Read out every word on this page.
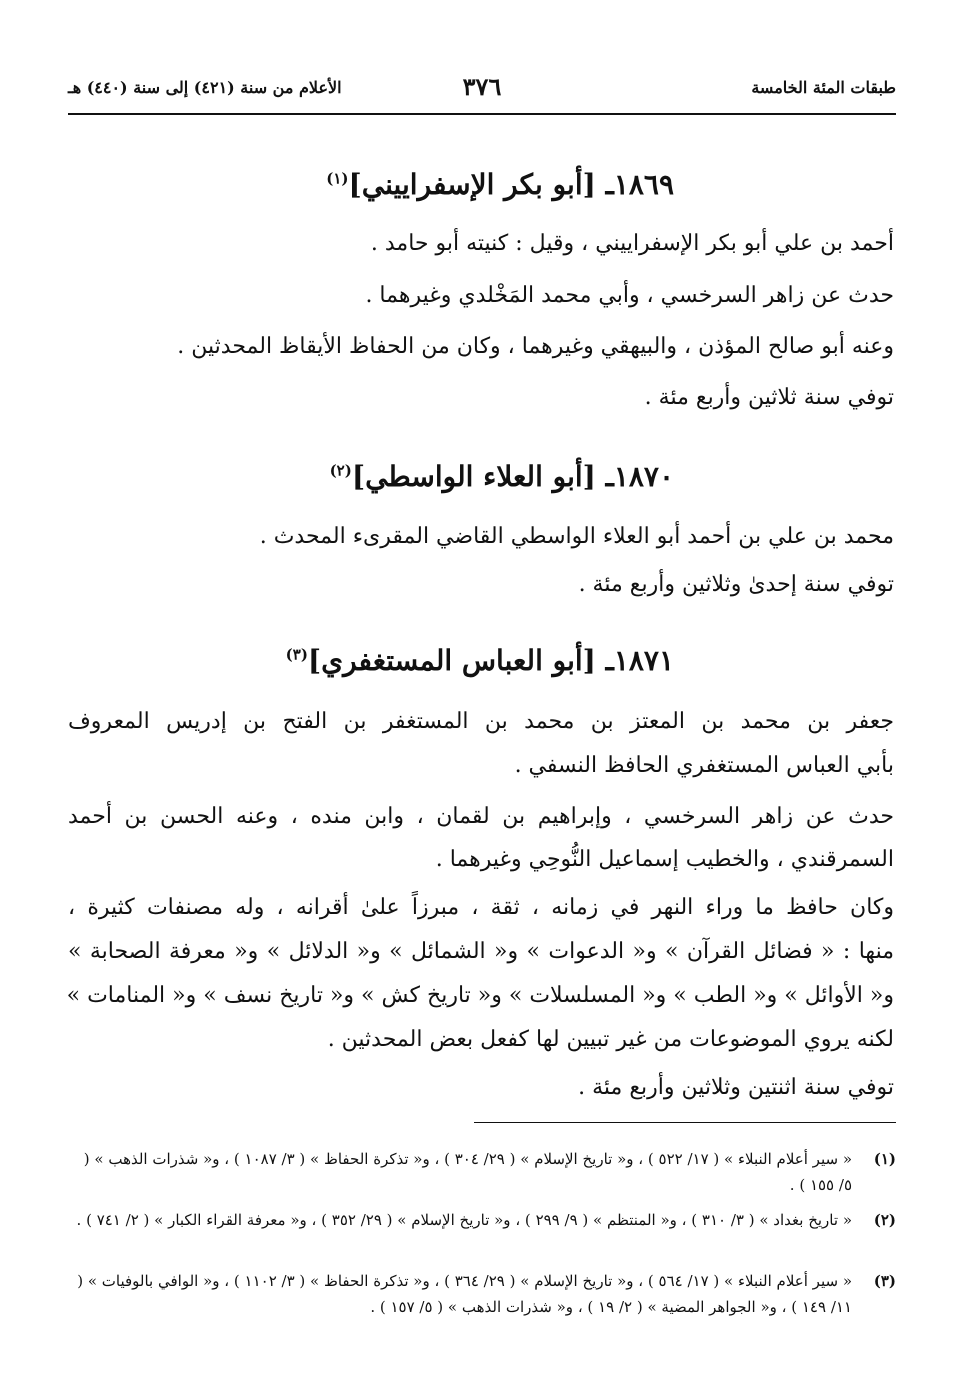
طبقات المئة الخامسة
٣٧٦
الأعلام من سنة (٤٢١) إلى سنة (٤٤٠) هـ
١٨٦٩ـ [أبو بكر الإسفراييني]$^{(١)}$
أحمد بن علي أبو بكر الإسفراييني ، وقيل : كنيته أبو حامد .
حدث عن زاهر السرخسي ، وأبي محمد المَخْلدي وغيرهما .
وعنه أبو صالح المؤذن ، والبيهقي وغيرهما ، وكان من الحفاظ الأيقاظ المحدثين .
توفي سنة ثلاثين وأربع مئة .
١٨٧٠ـ [أبو العلاء الواسطي]$^{(٢)}$
محمد بن علي بن أحمد أبو العلاء الواسطي القاضي المقرىء المحدث .
توفي سنة إحدىٰ وثلاثين وأربع مئة .
١٨٧١ـ [أبو العباس المستغفري]$^{(٣)}$
جعفر بن محمد بن المعتز بن محمد بن المستغفر بن الفتح بن إدريس المعروف
بأبي العباس المستغفري الحافظ النسفي .
حدث عن زاهر السرخسي ، وإبراهيم بن لقمان ، وابن منده ، وعنه الحسن بن أحمد
السمرقندي ، والخطيب إسماعيل النُّوحِي وغيرهما .
وكان حافظ ما وراء النهر في زمانه ، ثقة ، مبرزاً علىٰ أقرانه ، وله مصنفات كثيرة ،
منها : « فضائل القرآن » و« الدعوات » و« الشمائل » و« الدلائل » و« معرفة الصحابة »
و« الأوائل » و« الطب » و« المسلسلات » و« تاريخ كش » و« تاريخ نسف » و« المنامات »
لكنه يروي الموضوعات من غير تبيين لها كفعل بعض المحدثين .
توفي سنة اثنتين وثلاثين وأربع مئة .
(١)
« سير أعلام النبلاء » ( ١٧/ ٥٢٢ ) ، و« تاريخ الإسلام » ( ٢٩/ ٣٠٤ ) ، و« تذكرة الحفاظ » ( ٣/ ١٠٨٧ ) ، و« شذرات الذهب » ( ٥/ ١٥٥ ) .
(٢)
« تاريخ بغداد » ( ٣/ ٣١٠ ) ، و« المنتظم » ( ٩/ ٢٩٩ ) ، و« تاريخ الإسلام » ( ٢٩/ ٣٥٢ ) ، و« معرفة القراء الكبار » ( ٢/ ٧٤١ ) .
(٣)
« سير أعلام النبلاء » ( ١٧/ ٥٦٤ ) ، و« تاريخ الإسلام » ( ٢٩/ ٣٦٤ ) ، و« تذكرة الحفاظ » ( ٣/ ١١٠٢ ) ، و« الوافي بالوفيات » ( ١١/ ١٤٩ ) ، و« الجواهر المضية » ( ٢/ ١٩ ) ، و« شذرات الذهب » ( ٥/ ١٥٧ ) .
